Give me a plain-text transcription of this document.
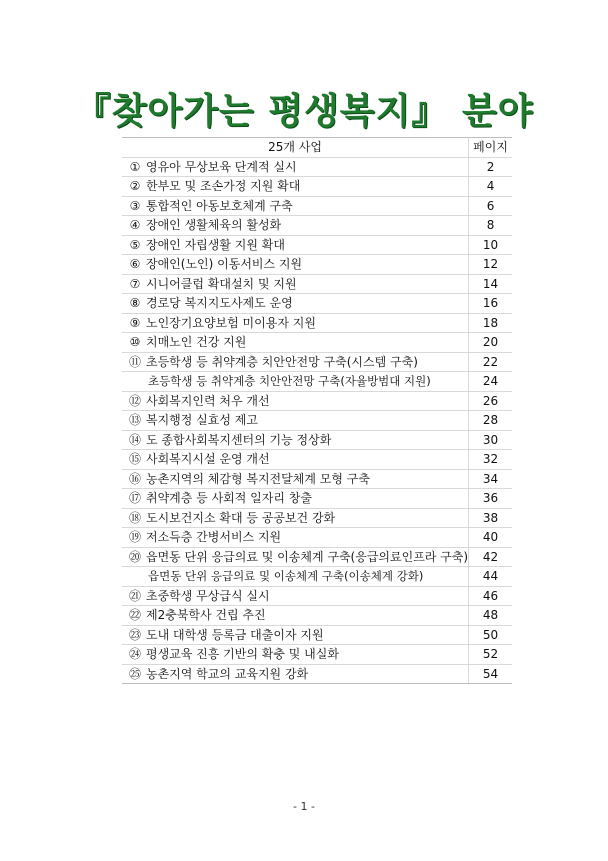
『찾아가는 평생복지』 분야
25개 사업	페이지
① 영유아 무상보육 단계적 실시	2
② 한부모 및 조손가정 지원 확대	4
③ 통합적인 아동보호체계 구축	6
④ 장애인 생활체육의 활성화	8
⑤ 장애인 자립생활 지원 확대	10
⑥ 장애인(노인) 이동서비스 지원	12
⑦ 시니어클럽 확대설치 및 지원	14
⑧ 경로당 복지지도사제도 운영	16
⑨ 노인장기요양보험 미이용자 지원	18
⑩ 치매노인 건강 지원	20
⑪ 초등학생 등 취약계층 치안안전망 구축(시스템 구축)	22
초등학생 등 취약계층 치안안전망 구축(자율방범대 지원)	24
⑫ 사회복지인력 처우 개선	26
⑬ 복지행정 실효성 제고	28
⑭ 도 종합사회복지센터의 기능 정상화	30
⑮ 사회복지시설 운영 개선	32
⑯ 농촌지역의 체감형 복지전달체계 모형 구축	34
⑰ 취약계층 등 사회적 일자리 창출	36
⑱ 도시보건지소 확대 등 공공보건 강화	38
⑲ 저소득층 간병서비스 지원	40
⑳ 읍면동 단위 응급의료 및 이송체계 구축(응급의료인프라 구축)	42
읍면동 단위 응급의료 및 이송체계 구축(이송체계 강화)	44
㉑ 초중학생 무상급식 실시	46
㉒ 제2충북학사 건립 추진	48
㉓ 도내 대학생 등록금 대출이자 지원	50
㉔ 평생교육 진흥 기반의 확충 및 내실화	52
㉕ 농촌지역 학교의 교육지원 강화	54
- 1 -
